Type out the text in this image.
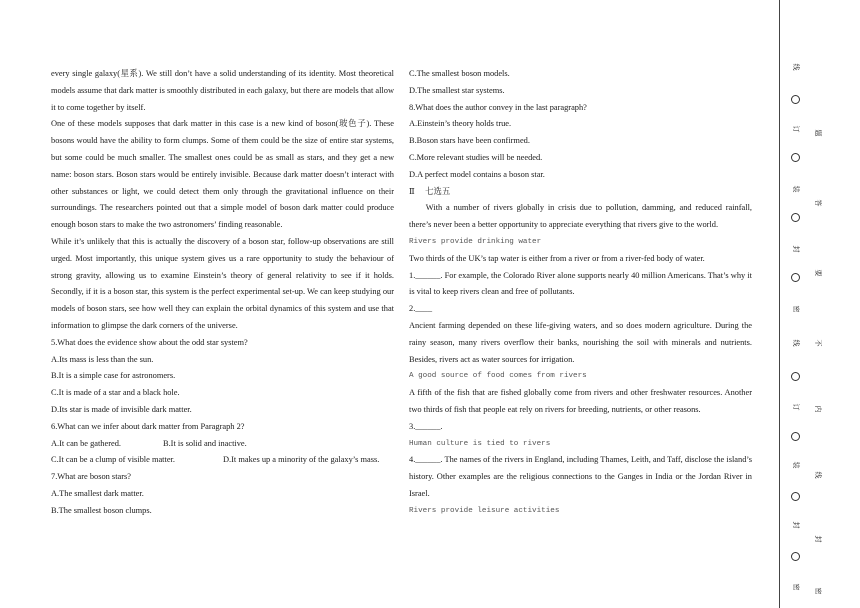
every single galaxy(星系). We still don’t have a solid understanding of its identity. Most theoretical models assume that dark matter is smoothly distributed in each galaxy, but there are models that allow it to come together by itself.

One of these models supposes that dark matter in this case is a new kind of boson(玻色子). These bosons would have the ability to form clumps. Some of them could be the size of entire star systems, but some could be much smaller. The smallest ones could be as small as stars, and they get a new name: boson stars. Boson stars would be entirely invisible. Because dark matter doesn’t interact with other substances or light, we could detect them only through the gravitational influence on their surroundings. The researchers pointed out that a simple model of boson dark matter could produce enough boson stars to make the two astronomers’ finding reasonable.

While it’s unlikely that this is actually the discovery of a boson star, follow-up observations are still urged. Most importantly, this unique system gives us a rare opportunity to study the behaviour of strong gravity, allowing us to examine Einstein’s theory of general relativity to see if it holds. Secondly, if it is a boson star, this system is the perfect experimental set-up. We can keep studying our models of boson stars, see how well they can explain the orbital dynamics of this system and use that information to glimpse the dark corners of the universe.

5.What does the evidence show about the odd star system?

A.Its mass is less than the sun.

B.It is a simple case for astronomers.

C.It is made of a star and a black hole.

D.Its star is made of invisible dark matter.

6.What can we infer about dark matter from Paragraph 2?

A.It can be gathered.	B.It is solid and inactive.
C.It can be a clump of visible matter.	D.It makes up a minority of the galaxy’s mass.

7.What are boson stars?

A.The smallest dark matter.

B.The smallest boson clumps.

C.The smallest boson models.

D.The smallest star systems.

8.What does the author convey in the last paragraph?

A.Einstein’s theory holds true.

B.Boson stars have been confirmed.

C.More relevant studies will be needed.

D.A perfect model contains a boson star.

Ⅱ 七选五

With a number of rivers globally in crisis due to pollution, damming, and reduced rainfall, there’s never been a better opportunity to appreciate everything that rivers give to the world.

Rivers provide drinking water

Two thirds of the UK’s tap water is either from a river or from a river-fed body of water.

1.______. For example, the Colorado River alone supports nearly 40 million Americans. That’s why it is vital to keep rivers clean and free of pollutants.

2.____

Ancient farming depended on these life-giving waters, and so does modern agriculture. During the rainy season, many rivers overflow their banks, nourishing the soil with minerals and nutrients. Besides, rivers act as water sources for irrigation.

A good source of food comes from rivers

A fifth of the fish that are fished globally come from rivers and other freshwater resources. Another two thirds of fish that people eat rely on rivers for breeding, nutrients, or other reasons.

3.______.

Human culture is tied to rivers

4.______. The names of the rivers in England, including Thames, Leith, and Taff, disclose the island’s history. Other examples are the religious connections to the Ganges in India or the Jordan River in Israel.

Rivers provide leisure activities

线
订
装
封
密
线
订
装
封
密
题
答
要
不
内
线
封
密
